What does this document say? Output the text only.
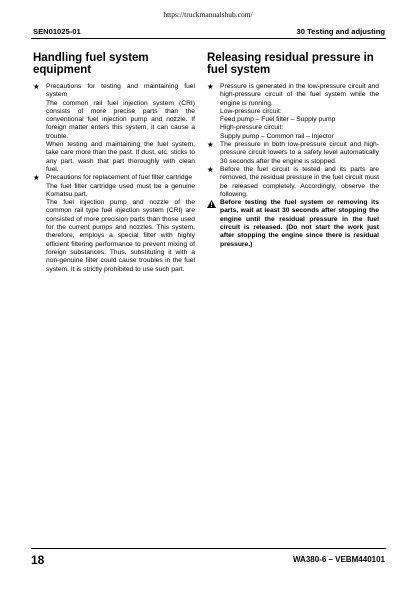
https://truckmanualshub.com/
SEN01025-01	30 Testing and adjusting
Handling fuel system equipment
★ Precautions for testing and maintaining fuel system

The common rail fuel injection system (CRI) consists of more precise parts than the conventional fuel injection pump and nozzle. If foreign matter enters this system, it can cause a trouble.

When testing and maintaining the fuel system, take care more than the past. If dust, etc. sticks to any part, wash that part thoroughly with clean fuel.

★ Precautions for replacement of fuel filter cartridge

The fuel filter cartridge used must be a genuine Komatsu part.

The fuel injection pump and nozzle of the common rail type fuel injection system (CRI) are consisted of more precision parts than those used for the current pumps and nozzles. This system, therefore, employs a special filter with highly efficient filtering performance to prevent mixing of foreign substances. Thus, substituting it with a non-genuine filter could cause troubles in the fuel system. It is strictly prohibited to use such part.

Releasing residual pressure in fuel system
★ Pressure is generated in the low-pressure circuit and high-pressure circuit of the fuel system while the engine is running.

Low-pressure circuit:

Feed pump – Fuel filter – Supply pump

High-pressure circuit:

Supply pump – Common rail – Injector

★ The pressure in both low-pressure circuit and high-pressure circuit lowers to a safety level automatically 30 seconds after the engine is stopped.

★ Before the fuel circuit is tested and its parts are removed, the residual pressure in the fuel circuit must be released completely. Accordingly, observe the following.

Before testing the fuel system or removing its parts, wait at least 30 seconds after stopping the engine until the residual pressure in the fuel circuit is released. (Do not start the work just after stopping the engine since there is residual pressure.)

18	WA380-6 – VEBM440101
